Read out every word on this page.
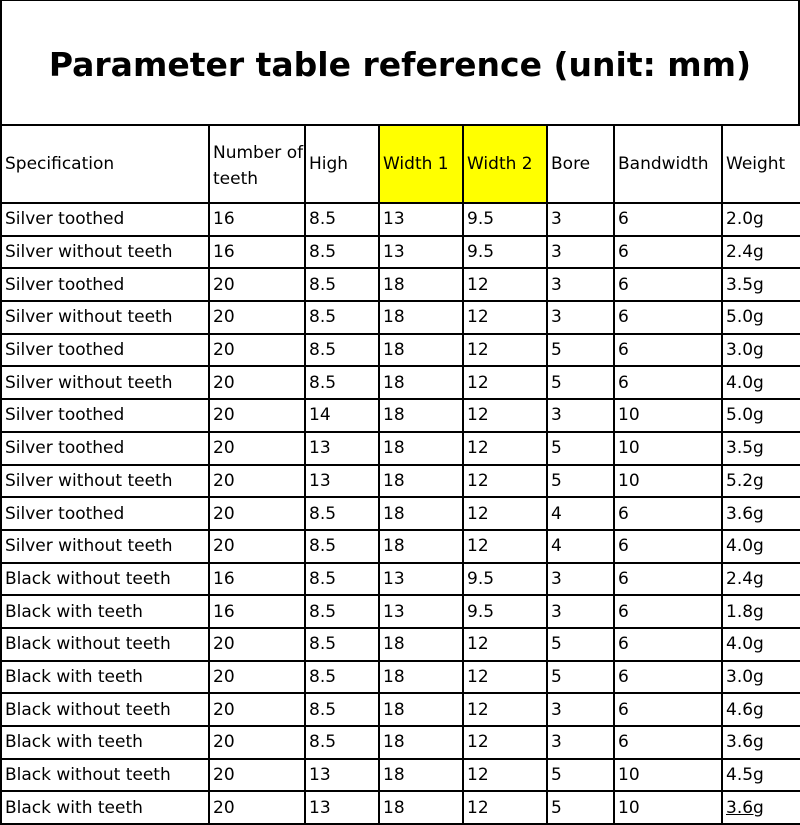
Parameter table reference (unit: mm)
Specification	Number of teeth	High	Width 1	Width 2	Bore	Bandwidth	Weight
Silver toothed	16	8.5	13	9.5	3	6	2.0g
Silver without teeth	16	8.5	13	9.5	3	6	2.4g
Silver toothed	20	8.5	18	12	3	6	3.5g
Silver without teeth	20	8.5	18	12	3	6	5.0g
Silver toothed	20	8.5	18	12	5	6	3.0g
Silver without teeth	20	8.5	18	12	5	6	4.0g
Silver toothed	20	14	18	12	3	10	5.0g
Silver toothed	20	13	18	12	5	10	3.5g
Silver without teeth	20	13	18	12	5	10	5.2g
Silver toothed	20	8.5	18	12	4	6	3.6g
Silver without teeth	20	8.5	18	12	4	6	4.0g
Black without teeth	16	8.5	13	9.5	3	6	2.4g
Black with teeth	16	8.5	13	9.5	3	6	1.8g
Black without teeth	20	8.5	18	12	5	6	4.0g
Black with teeth	20	8.5	18	12	5	6	3.0g
Black without teeth	20	8.5	18	12	3	6	4.6g
Black with teeth	20	8.5	18	12	3	6	3.6g
Black without teeth	20	13	18	12	5	10	4.5g
Black with teeth	20	13	18	12	5	10	3.6g
